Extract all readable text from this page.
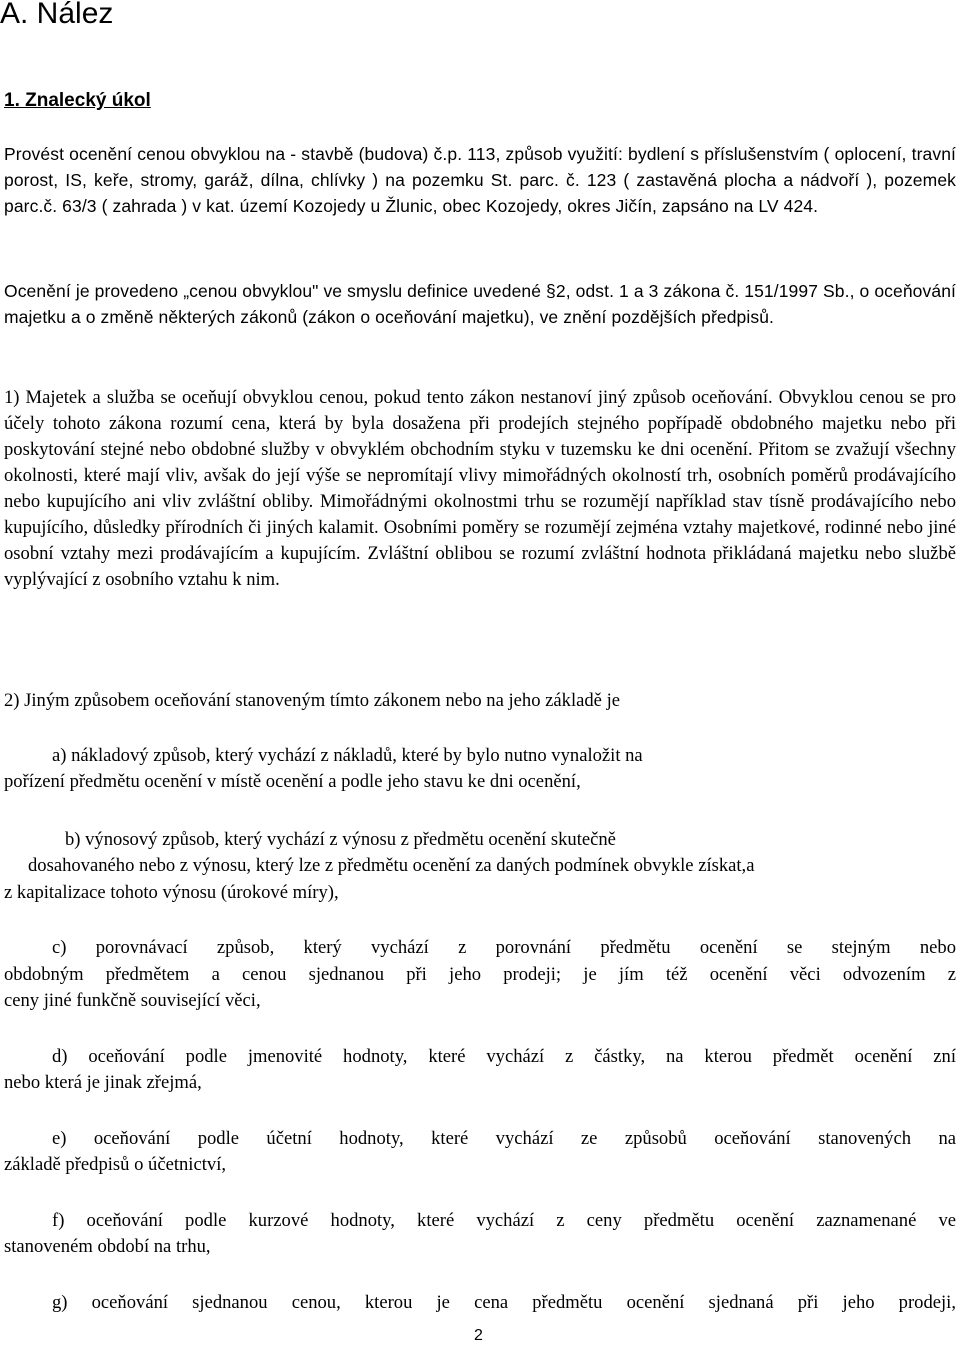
A. Nález
1. Znalecký úkol

Provést ocenění cenou obvyklou na - stavbě (budova) č.p. 113, způsob využití: bydlení s příslušenstvím ( oplocení, travní porost, IS, keře, stromy, garáž, dílna, chlívky ) na pozemku St. parc. č. 123 ( zastavěná plocha a nádvoří ), pozemek parc.č. 63/3 ( zahrada ) v kat. území Kozojedy u Žlunic, obec Kozojedy, okres Jičín, zapsáno na LV 424.

Ocenění je provedeno „cenou obvyklou" ve smyslu definice uvedené §2, odst. 1 a 3 zákona č. 151/1997 Sb., o oceňování majetku a o změně některých zákonů (zákon o oceňování majetku), ve znění pozdějších předpisů.

1) Majetek a služba se oceňují obvyklou cenou, pokud tento zákon nestanoví jiný způsob oceňování. Obvyklou cenou se pro účely tohoto zákona rozumí cena, která by byla dosažena při prodejích stejného popřípadě obdobného majetku nebo při poskytování stejné nebo obdobné služby v obvyklém obchodním styku v tuzemsku ke dni ocenění. Přitom se zvažují všechny okolnosti, které mají vliv, avšak do její výše se nepromítají vlivy mimořádných okolností trh, osobních poměrů prodávajícího nebo kupujícího ani vliv zvláštní obliby. Mimořádnými okolnostmi trhu se rozumějí například stav tísně prodávajícího nebo kupujícího, důsledky přírodních či jiných kalamit. Osobními poměry se rozumějí zejména vztahy majetkové, rodinné nebo jiné osobní vztahy mezi prodávajícím a kupujícím. Zvláštní oblibou se rozumí zvláštní hodnota přikládaná majetku nebo službě vyplývající z osobního vztahu k nim.

2) Jiným způsobem oceňování stanoveným tímto zákonem nebo na jeho základě je

a) nákladový způsob, který vychází z nákladů, které by bylo nutno vynaložit na

pořízení předmětu ocenění v místě ocenění a podle jeho stavu ke dni ocenění,

b) výnosový způsob, který vychází z výnosu z předmětu ocenění skutečně

dosahovaného nebo z výnosu, který lze z předmětu ocenění za daných podmínek obvykle získat,a

z kapitalizace tohoto výnosu (úrokové míry),

c) porovnávací způsob, který vychází z porovnání předmětu ocenění se stejným nebo

obdobným předmětem a cenou sjednanou při jeho prodeji; je jím též ocenění věci odvozením z

ceny jiné funkčně související věci,

d) oceňování podle jmenovité hodnoty, které vychází z částky, na kterou předmět ocenění zní

nebo která je jinak zřejmá,

e) oceňování podle účetní hodnoty, které vychází ze způsobů oceňování stanovených na

základě předpisů o účetnictví,

f) oceňování podle kurzové hodnoty, které vychází z ceny předmětu ocenění zaznamenané ve

stanoveném období na trhu,

g) oceňování sjednanou cenou, kterou je cena předmětu ocenění sjednaná při jeho prodeji,

2
